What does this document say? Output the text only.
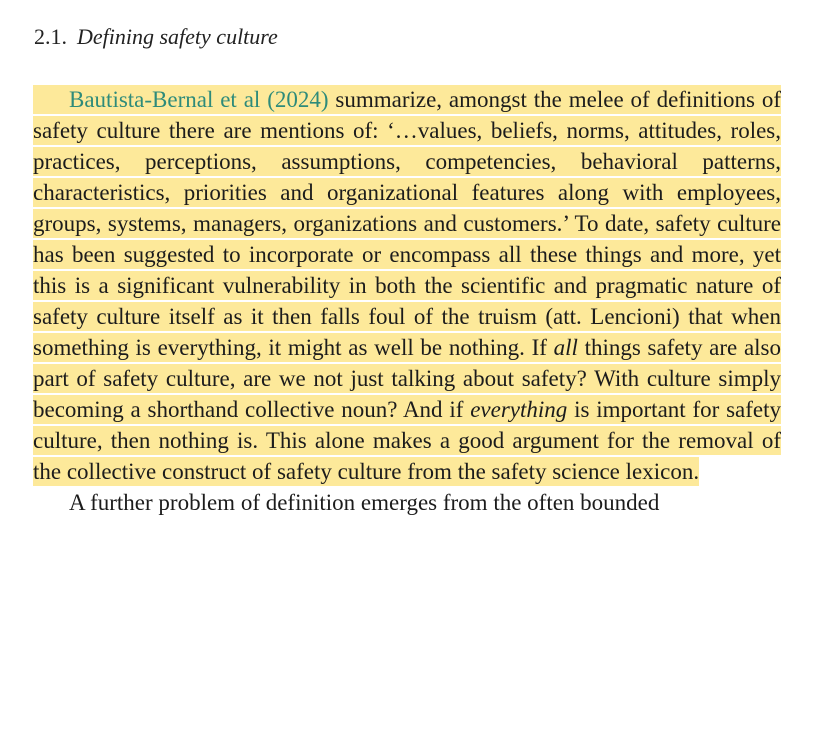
2.1. Defining safety culture

Bautista-Bernal et al (2024) summarize, amongst the melee of definitions of safety culture there are mentions of: ‘…values, beliefs, norms, attitudes, roles, practices, perceptions, assumptions, competencies, behavioral patterns, characteristics, priorities and organizational features along with employees, groups, systems, managers, organizations and customers.’ To date, safety culture has been suggested to incorporate or encompass all these things and more, yet this is a significant vulnerability in both the scientific and pragmatic nature of safety culture itself as it then falls foul of the truism (att. Lencioni) that when something is everything, it might as well be nothing. If all things safety are also part of safety culture, are we not just talking about safety? With culture simply becoming a shorthand collective noun? And if everything is important for safety culture, then nothing is. This alone makes a good argument for the removal of the collective construct of safety culture from the safety science lexicon.

A further problem of definition emerges from the often bounded
